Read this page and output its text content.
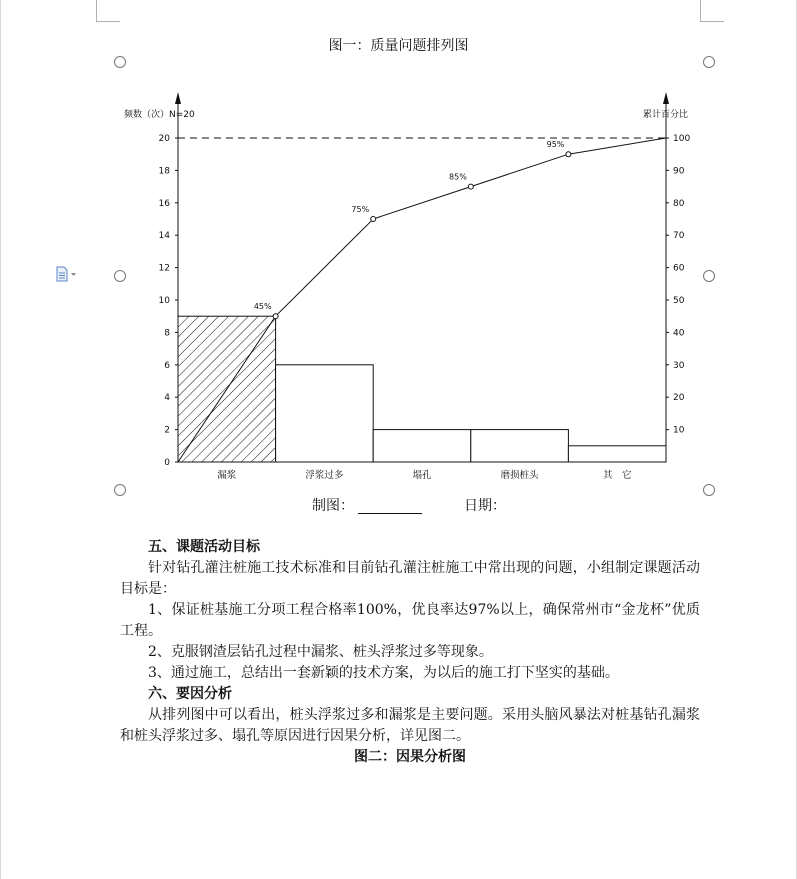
图一：质量问题排列图
频数（次）N=20	累计百分比
0
2
4
6
8
10
12
14
16
18
20
10
20
30
40
50
60
70
80
90
100
漏浆	浮浆过多	塌孔	磨损桩头	其　它
45%
75%
85%
95%
制图：	日期：
五、课题活动目标
针对钻孔灌注桩施工技术标准和目前钻孔灌注桩施工中常出现的问题，小组制定课题活动目标是：
1、保证桩基施工分项工程合格率100%，优良率达97%以上，确保常州市“金龙杯”优质工程。
2、克服钢渣层钻孔过程中漏浆、桩头浮浆过多等现象。
3、通过施工，总结出一套新颖的技术方案，为以后的施工打下坚实的基础。
六、要因分析
从排列图中可以看出，桩头浮浆过多和漏浆是主要问题。采用头脑风暴法对桩基钻孔漏浆和桩头浮浆过多、塌孔等原因进行因果分析，详见图二。
图二：因果分析图
